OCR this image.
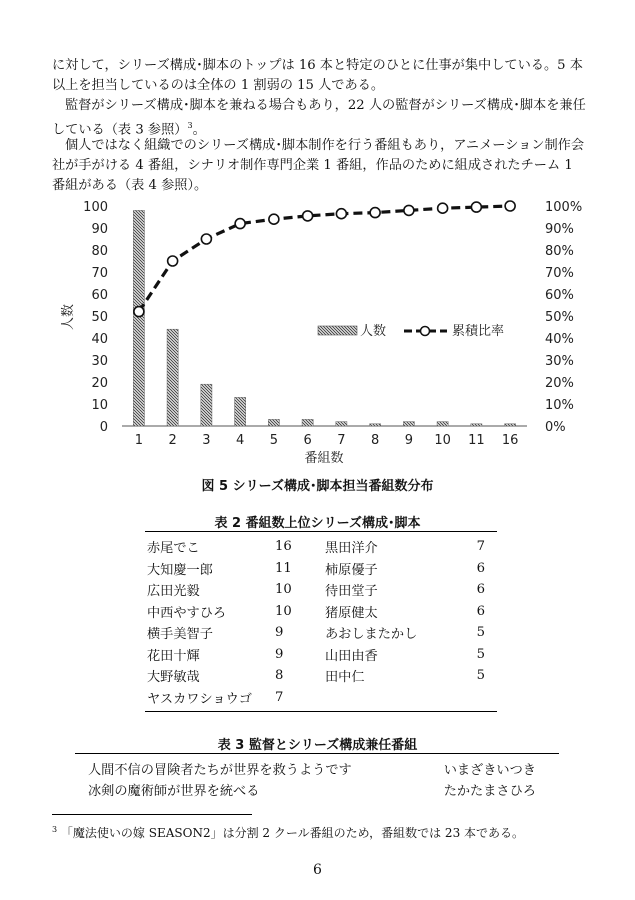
に対して，シリーズ構成･脚本のトップは 16 本と特定のひとに仕事が集中している。5 本以上を担当しているのは全体の 1 割弱の 15 人である。

監督がシリーズ構成･脚本を兼ねる場合もあり，22 人の監督がシリーズ構成･脚本を兼任している（表 3 参照）$^3$。

個人ではなく組織でのシリーズ構成･脚本制作を行う番組もあり，アニメーション制作会社が手がける 4 番組，シナリオ制作専門企業 1 番組，作品のために組成されたチーム 1 番組がある（表 4 参照）。

0
10
20
30
40
50
60
70
80
90
100
0%
10%
20%
30%
40%
50%
60%
70%
80%
90%
100%
1 2 3 4 5 6 7 8 9 10 11 16
人数
番組数
人数	累積比率
図 5 シリーズ構成･脚本担当番組数分布
表 2 番組数上位シリーズ構成･脚本
赤尾でこ	16	黒田洋介	7
大知慶一郎	11	柿原優子	6
広田光毅	10	待田堂子	6
中西やすひろ	10	猪原健太	6
横手美智子	9	あおしまたかし	5
花田十輝	9	山田由香	5
大野敏哉	8	田中仁	5
ヤスカワショウゴ	7		
表 3 監督とシリーズ構成兼任番組
人間不信の冒険者たちが世界を救うようです	いまざきいつき
冰剣の魔術師が世界を統べる	たかたまさひろ
$^3$ 「魔法使いの嫁 SEASON2」は分割 2 クール番組のため，番組数では 23 本である。
6
